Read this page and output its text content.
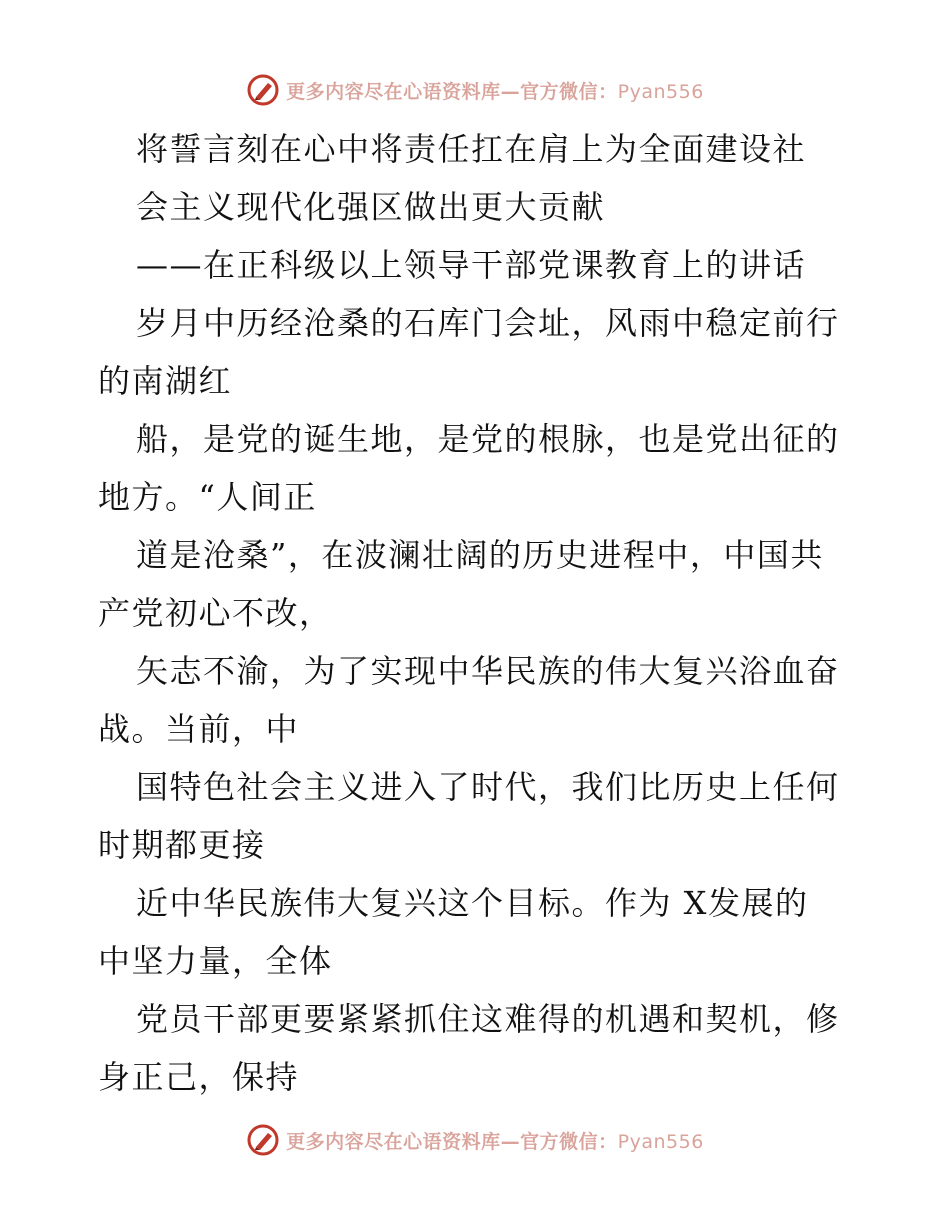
更多内容尽在心语资料库—官方微信：Pyan556
将誓言刻在心中将责任扛在肩上为全面建设社
会主义现代化强区做出更大贡献
——在正科级以上领导干部党课教育上的讲话
岁月中历经沧桑的石库门会址，风雨中稳定前行
的南湖红
船，是党的诞生地，是党的根脉，也是党出征的
地方。“人间正
道是沧桑”，在波澜壮阔的历史进程中，中国共
产党初心不改，
矢志不渝，为了实现中华民族的伟大复兴浴血奋
战。当前，中
国特色社会主义进入了时代，我们比历史上任何
时期都更接
近中华民族伟大复兴这个目标。作为 X发展的
中坚力量，全体
党员干部更要紧紧抓住这难得的机遇和契机，修
身正己，保持
更多内容尽在心语资料库—官方微信：Pyan556
